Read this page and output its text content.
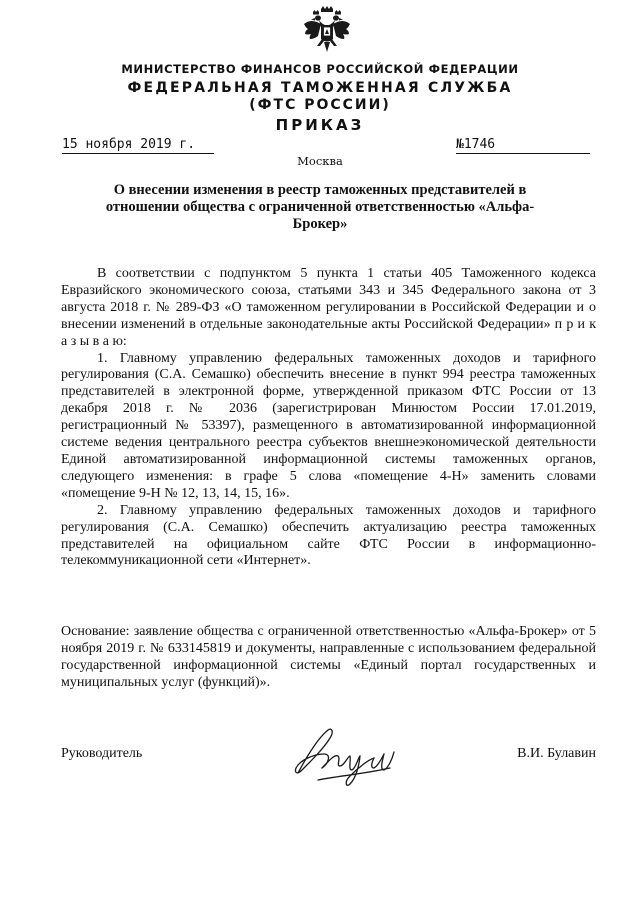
МИНИСТЕРСТВО ФИНАНСОВ РОССИЙСКОЙ ФЕДЕРАЦИИ
ФЕДЕРАЛЬНАЯ ТАМОЖЕННАЯ СЛУЖБА
(ФТС РОССИИ)
ПРИКАЗ
15 ноября 2019 г.	№1746
Москва
О внесении изменения в реестр таможенных представителей в отношении общества с ограниченной ответственностью «Альфа-Брокер»

В соответствии с подпунктом 5 пункта 1 статьи 405 Таможенного кодекса Евразийского экономического союза, статьями 343 и 345 Федерального закона от 3 августа 2018 г. № 289-ФЗ «О таможенном регулировании в Российской Федерации и о внесении изменений в отдельные законодательные акты Российской Федерации» п р и к а з ы в а ю:

1. Главному управлению федеральных таможенных доходов и тарифного регулирования (С.А. Семашко) обеспечить внесение в пункт 994 реестра таможенных представителей в электронной форме, утвержденной приказом ФТС России от 13 декабря 2018 г. № 2036 (зарегистрирован Минюстом России 17.01.2019, регистрационный № 53397), размещенного в автоматизированной информационной системе ведения центрального реестра субъектов внешнеэкономической деятельности Единой автоматизированной информационной системы таможенных органов, следующего изменения: в графе 5 слова «помещение 4-Н» заменить словами «помещение 9-Н № 12, 13, 14, 15, 16».

2. Главному управлению федеральных таможенных доходов и тарифного регулирования (С.А. Семашко) обеспечить актуализацию реестра таможенных представителей на официальном сайте ФТС России в информационно-телекоммуникационной сети «Интернет».

Основание: заявление общества с ограниченной ответственностью «Альфа-Брокер» от 5 ноября 2019 г. № 633145819 и документы, направленные с использованием федеральной государственной информационной системы «Единый портал государственных и муниципальных услуг (функций)».

Руководитель	В.И. Булавин
